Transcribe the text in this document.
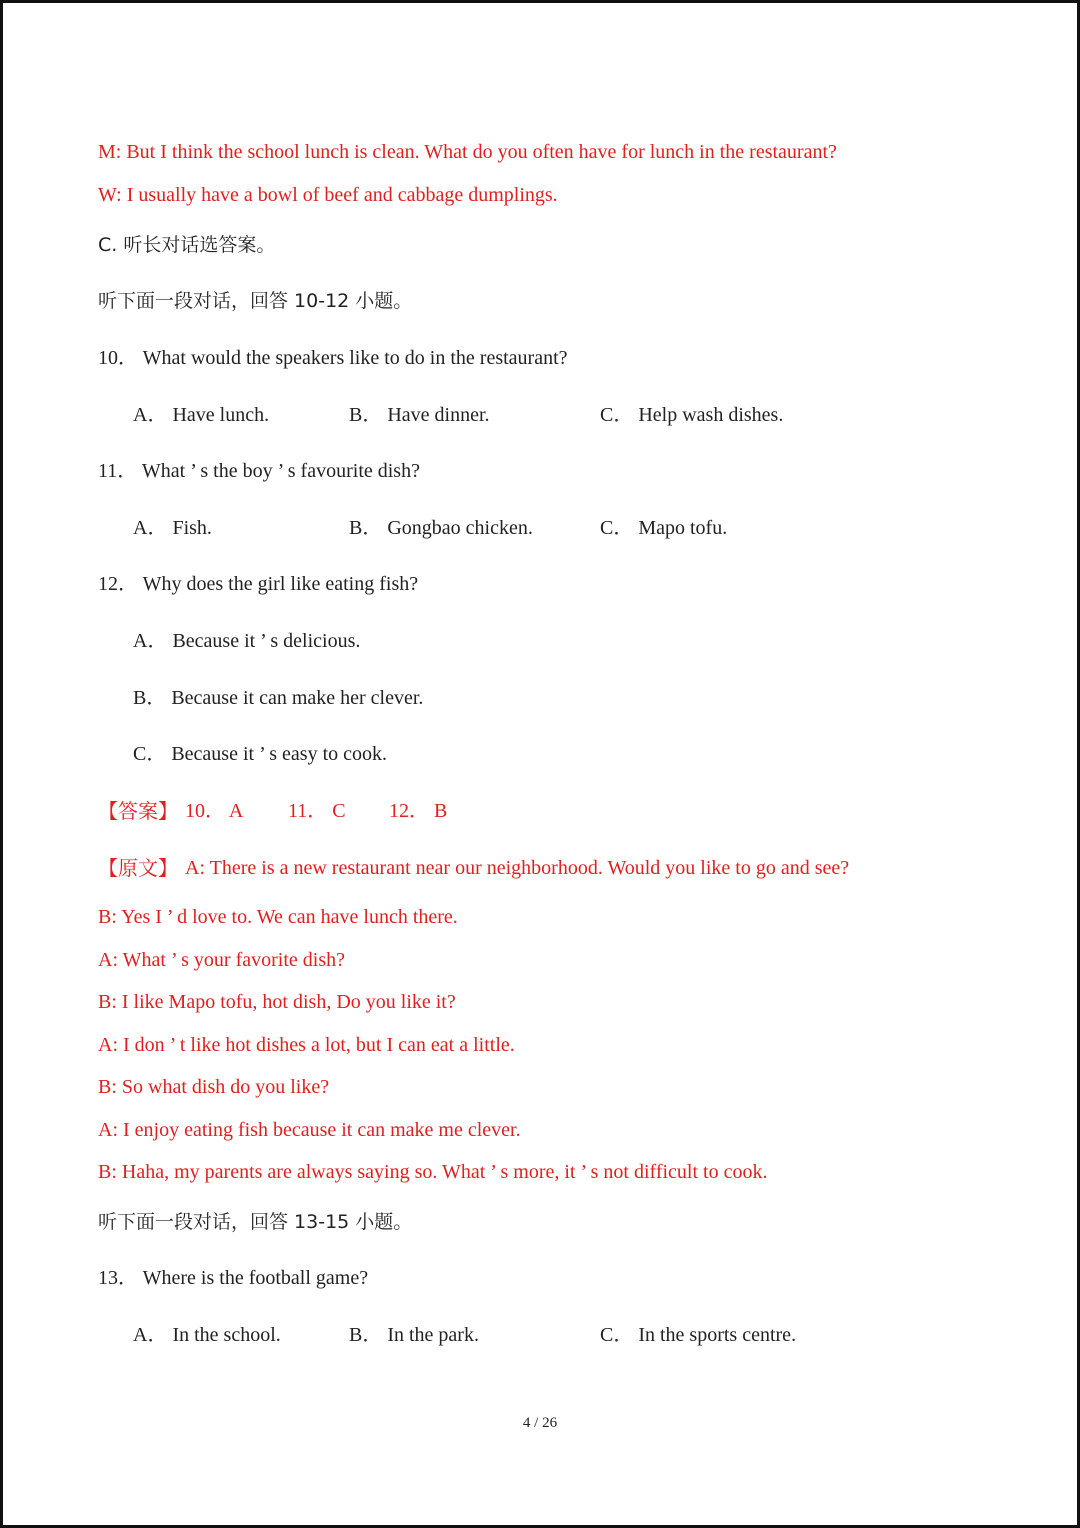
M: But I think the school lunch is clean. What do you often have for lunch in the restaurant?

W: I usually have a bowl of beef and cabbage dumplings.

C. 听长对话选答案。

听下面一段对话，回答 10-12 小题。

10． What would the speakers like to do in the restaurant?

A． Have lunch.	B． Have dinner.	C． Help wash dishes.

11． What ’ s the boy ’ s favourite dish?

A． Fish.	B． Gongbao chicken.	C． Mapo tofu.

12． Why does the girl like eating fish?

A． Because it ’ s delicious.

B． Because it can make her clever.

C． Because it ’ s easy to cook.

【答案】 10． A 11． C 12． B
【原文】 A: There is a new restaurant near our neighborhood. Would you like to go and see?

B: Yes I ’ d love to. We can have lunch there.

A: What ’ s your favorite dish?

B: I like Mapo tofu, hot dish, Do you like it?

A: I don ’ t like hot dishes a lot, but I can eat a little.

B: So what dish do you like?

A: I enjoy eating fish because it can make me clever.

B: Haha, my parents are always saying so. What ’ s more, it ’ s not difficult to cook.

听下面一段对话，回答 13-15 小题。

13． Where is the football game?

A． In the school.	B． In the park.	C． In the sports centre.
4 / 26
